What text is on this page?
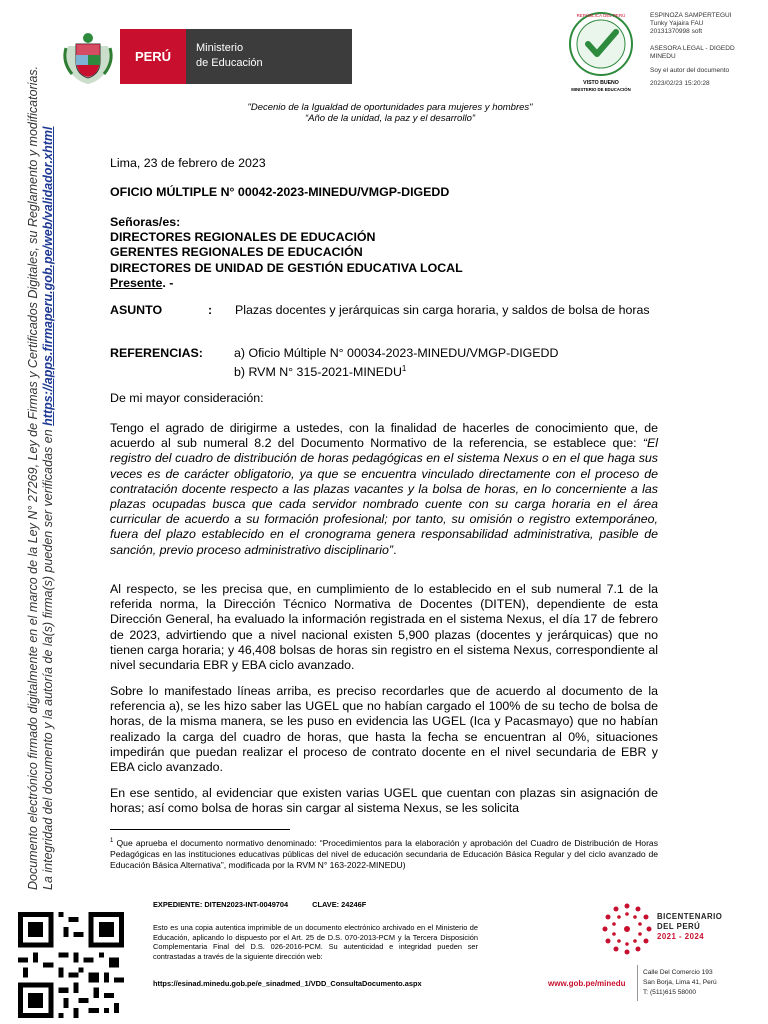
PERÚ
Ministerio
de Educación
REPÚBLICA DEL PERÚ
VISTO BUENO
MINISTERIO DE EDUCACIÓN
ESPINOZA SAMPERTEGUI
Tunky Yajaira FAU
20131370998 soft
ASESORA LEGAL - DIGEDD
MINEDU
Soy el autor del documento
2023/02/23 15:20:28
"Decenio de la Igualdad de oportunidades para mujeres y hombres"
“Año de la unidad, la paz y el desarrollo”
Documento electrónico firmado digitalmente en el marco de la Ley N° 27269, Ley de Firmas y Certificados Digitales, su Reglamento y modificatorias. La integridad del documento y la autoría de la(s) firma(s) pueden ser verificadas en https://apps.firmaperu.gob.pe/web/validador.xhtml	Lima, 23 de febrero de 2023
OFICIO MÚLTIPLE N° 00042-2023-MINEDU/VMGP-DIGEDD
Señoras/es:
DIRECTORES REGIONALES DE EDUCACIÓN
GERENTES REGIONALES DE EDUCACIÓN
DIRECTORES DE UNIDAD DE GESTIÓN EDUCATIVA LOCAL
Presente. -
ASUNTO	: Plazas docentes y jerárquicas sin carga horaria, y saldos de bolsa de horas
REFERENCIAS:	a) Oficio Múltiple N° 00034-2023-MINEDU/VMGP-DIGEDD
b) RVM N° 315-2021-MINEDU$^1$
De mi mayor consideración:
Tengo el agrado de dirigirme a ustedes, con la finalidad de hacerles de conocimiento que, de acuerdo al sub numeral 8.2 del Documento Normativo de la referencia, se establece que: “El registro del cuadro de distribución de horas pedagógicas en el sistema Nexus o en el que haga sus veces es de carácter obligatorio, ya que se encuentra vinculado directamente con el proceso de contratación docente respecto a las plazas vacantes y la bolsa de horas, en lo concerniente a las plazas ocupadas busca que cada servidor nombrado cuente con su carga horaria en el área curricular de acuerdo a su formación profesional; por tanto, su omisión o registro extemporáneo, fuera del plazo establecido en el cronograma genera responsabilidad administrativa, pasible de sanción, previo proceso administrativo disciplinario”.
Al respecto, se les precisa que, en cumplimiento de lo establecido en el sub numeral 7.1 de la referida norma, la Dirección Técnico Normativa de Docentes (DITEN), dependiente de esta Dirección General, ha evaluado la información registrada en el sistema Nexus, el día 17 de febrero de 2023, advirtiendo que a nivel nacional existen 5,900 plazas (docentes y jerárquicas) que no tienen carga horaria; y 46,408 bolsas de horas sin registro en el sistema Nexus, correspondiente al nivel secundaria EBR y EBA ciclo avanzado.
Sobre lo manifestado líneas arriba, es preciso recordarles que de acuerdo al documento de la referencia a), se les hizo saber las UGEL que no habían cargado el 100% de su techo de bolsa de horas, de la misma manera, se les puso en evidencia las UGEL (Ica y Pacasmayo) que no habían realizado la carga del cuadro de horas, que hasta la fecha se encuentran al 0%, situaciones impedirán que puedan realizar el proceso de contrato docente en el nivel secundaria de EBR y EBA ciclo avanzado.
En ese sentido, al evidenciar que existen varias UGEL que cuentan con plazas sin asignación de horas; así como bolsa de horas sin cargar al sistema Nexus, se les solicita
$^1$ Que aprueba el documento normativo denominado: “Procedimientos para la elaboración y aprobación del Cuadro de Distribución de Horas Pedagógicas en las instituciones educativas públicas del nivel de educación secundaria de Educación Básica Regular y del ciclo avanzado de Educación Básica Alternativa”, modificada por la RVM N° 163-2022-MINEDU)
EXPEDIENTE: DITEN2023-INT-0049704	CLAVE: 24246F
Esto es una copia autentica imprimible de un documento electrónico archivado en el Ministerio de Educación, aplicando lo dispuesto por el Art. 25 de D.S. 070-2013-PCM y la Tercera Disposición Complementaria Final del D.S. 026-2016-PCM. Su autenticidad e integridad pueden ser contrastadas a través de la siguiente dirección web:
https://esinad.minedu.gob.pe/e_sinadmed_1/VDD_ConsultaDocumento.aspx	www.gob.pe/minedu
BICENTENARIO
DEL PERÚ
2021 - 2024
Calle Del Comercio 193
San Borja, Lima 41, Perú
T: (511)615 58000
